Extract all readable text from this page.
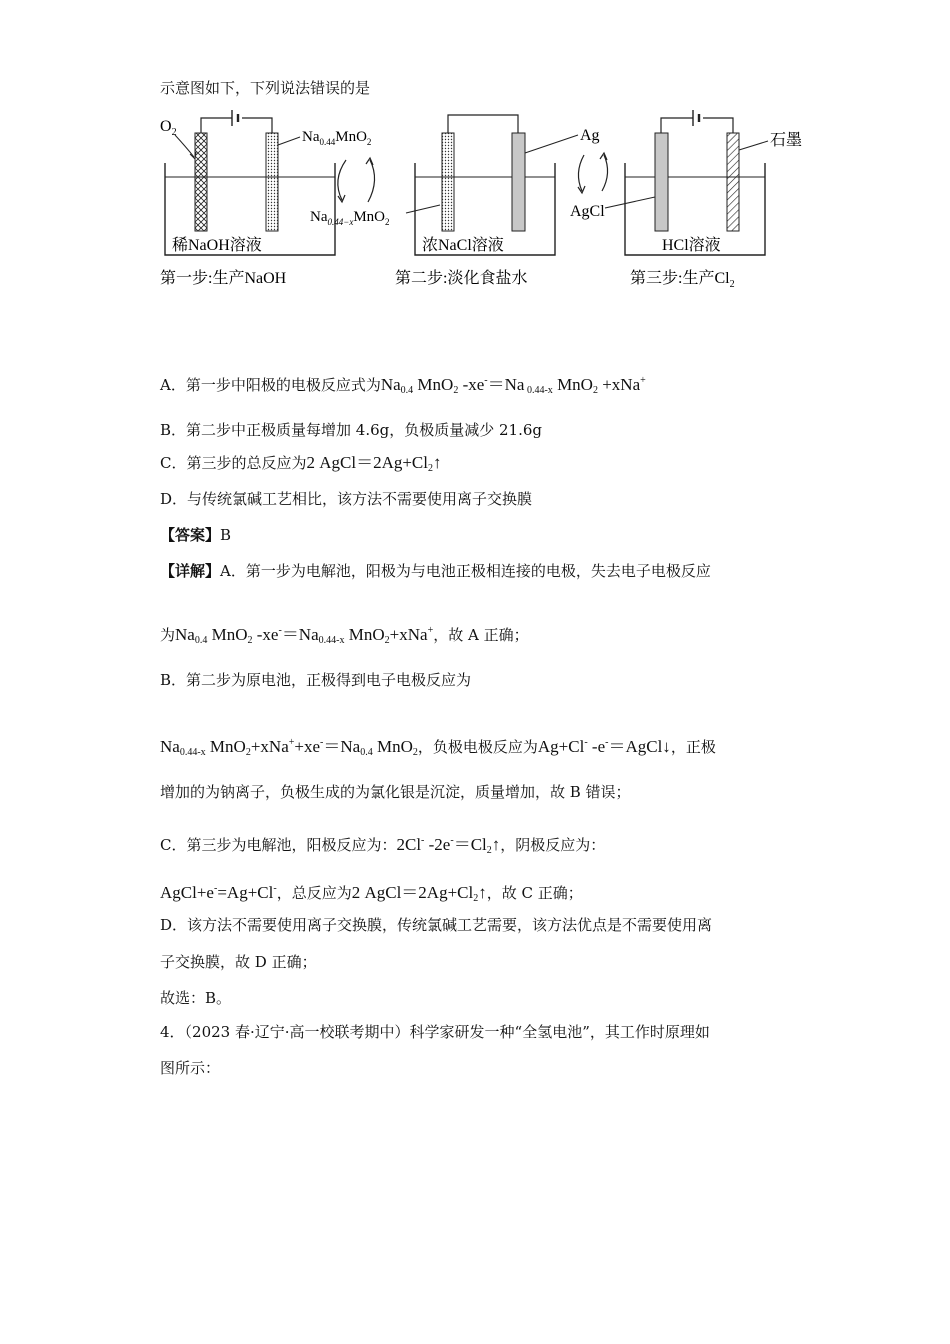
示意图如下，下列说法错误的是
$O_2$	$Na_{0.44}MnO_2$
稀NaOH溶液
第一步:生产NaOH
$Na_{0.44-x}MnO_2$
浓NaCl溶液
第二步:淡化食盐水
Ag
AgCl
石墨
HCl溶液
第三步:生产$Cl_2$
A．第一步中阳极的电极反应式为$Na_{0.4}$ MnO$_2$ -xe-＝Na $_{0.44-x}$ MnO$_2$ +xNa+
B．第二步中正极质量每增加 4.6g，负极质量减少 21.6g
C．第三步的总反应为2 $AgCl=2Ag+Cl_2↑$
D．与传统氯碱工艺相比，该方法不需要使用离子交换膜
【答案】B
【详解】A．第一步为电解池，阳极为与电池正极相连接的电极，失去电子电极反应
为$Na_{0.4}$ MnO$_2$ $-xe^-=Na_{0.44-x}$ MnO$_2$+xNa+，故 A 正确；
B．第二步为原电池，正极得到电子电极反应为
$Na_{0.44-x}$ $MnO_2+xNa^++xe^-=Na_{0.4}$ MnO$_2$，负极电极反应为Ag+Cl- -e-＝AgCl↓，正极
增加的为钠离子，负极生成的为氯化银是沉淀，质量增加，故 B 错误；
C．第三步为电解池，阳极反应为：2Cl- $-2e^-=Cl_2↑$，阴极反应为：
AgCl+e-=Ag+Cl-，总反应为2 $AgCl=2Ag+Cl_2↑$，故 C 正确；
D．该方法不需要使用离子交换膜，传统氯碱工艺需要，该方法优点是不需要使用离
子交换膜，故 D 正确；
故选：B。
4．（2023 春·辽宁·高一校联考期中）科学家研发一种“全氢电池”，其工作时原理如
图所示：
